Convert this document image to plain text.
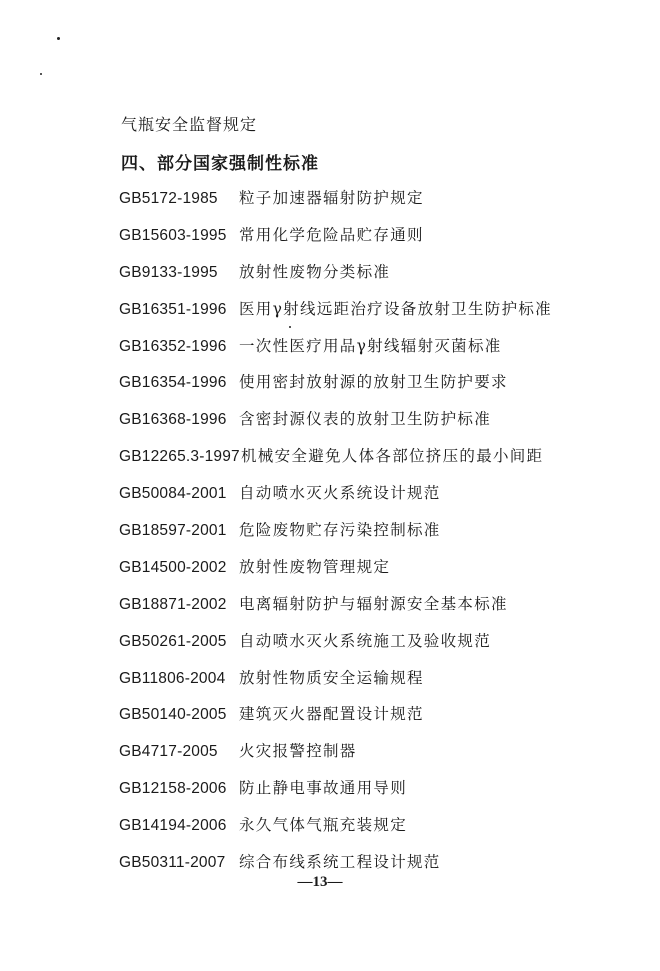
气瓶安全监督规定
四、部分国家强制性标准
GB5172-1985 粒子加速器辐射防护规定
GB15603-1995 常用化学危险品贮存通则
GB9133-1995 放射性废物分类标准
GB16351-1996 医用γ射线远距治疗设备放射卫生防护标准
GB16352-1996 一次性医疗用品γ射线辐射灭菌标准
GB16354-1996 使用密封放射源的放射卫生防护要求
GB16368-1996 含密封源仪表的放射卫生防护标准
GB12265.3-1997机械安全避免人体各部位挤压的最小间距
GB50084-2001 自动喷水灭火系统设计规范
GB18597-2001 危险废物贮存污染控制标准
GB14500-2002 放射性废物管理规定
GB18871-2002 电离辐射防护与辐射源安全基本标准
GB50261-2005 自动喷水灭火系统施工及验收规范
GB11806-2004 放射性物质安全运输规程
GB50140-2005 建筑灭火器配置设计规范
GB4717-2005 火灾报警控制器
GB12158-2006 防止静电事故通用导则
GB14194-2006 永久气体气瓶充装规定
GB50311-2007 综合布线系统工程设计规范
—13—
